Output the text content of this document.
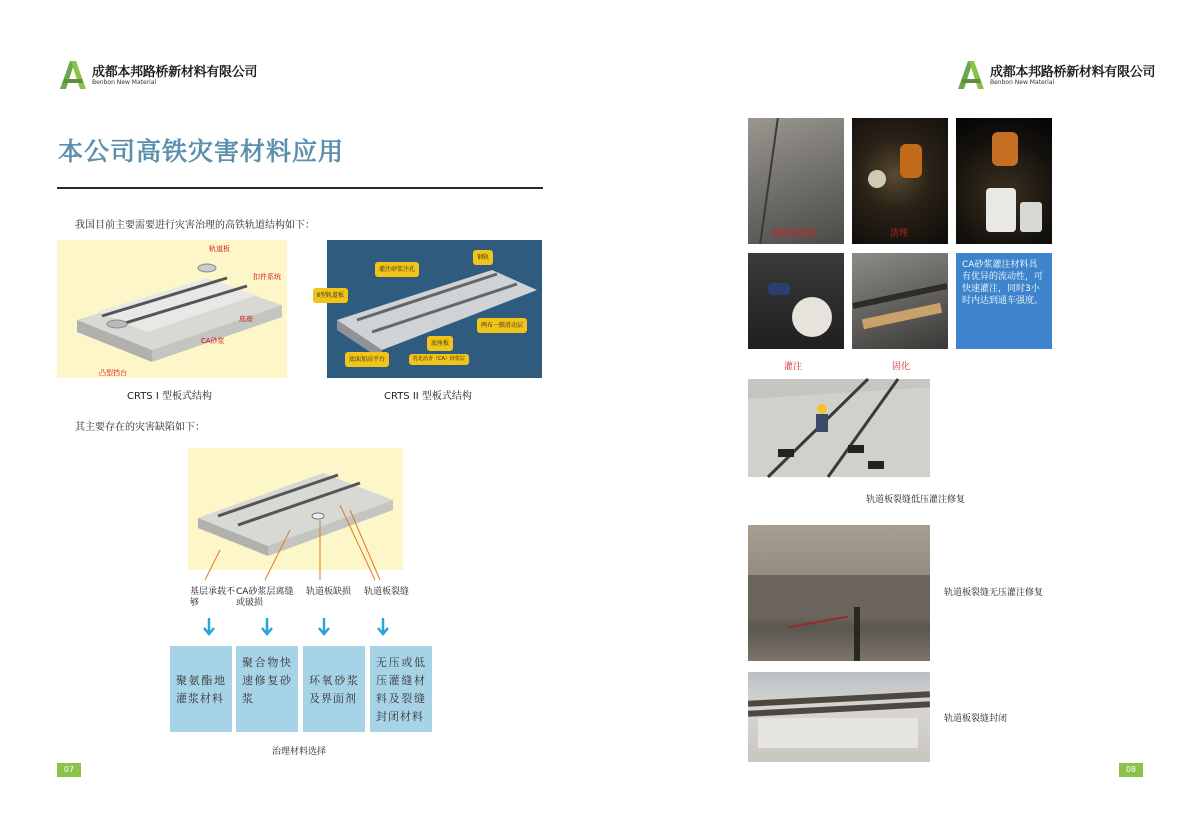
成都本邦路桥新材料有限公司
Benbon New Material
本公司高铁灾害材料应用
我国目前主要需要进行灾害治理的高铁轨道结构如下：
轨道板
扣件系统
底座
CA砂浆
凸型挡台
CRTS I 型板式结构
灌注砂浆注孔
钢轨
Ⅱ型轨道板
两布一膜滑动层
底座板
底面加高平台	乳化沥青（CA）砂浆层
CRTS II 型板式结构
其主要存在的灾害缺陷如下：
基层承载不够
CA砂浆层离缝或破损
轨道板缺损 轨道板裂缝
聚氨酯地灌浆材料
聚合物快速修复砂浆
环氧砂浆及界面剂
无压或低压灌缝材料及裂缝封闭材料
治理材料选择
07
成都本邦路桥新材料有限公司
Benbon New Material
离缝或破损	清理
灌注	固化
CA砂浆灌注材料具有优异的流动性，可快速灌注，同时3小时内达到通车强度。
轨道板裂缝低压灌注修复
轨道板裂缝无压灌注修复
轨道板裂缝封闭
08
